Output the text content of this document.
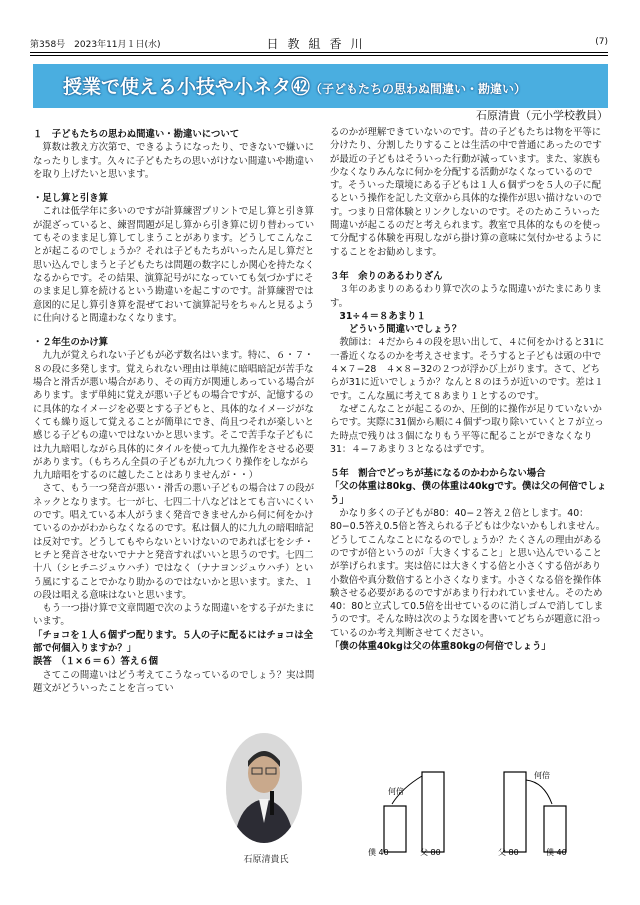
第358号　2023年11月１日(水)	日教組香川	(7)
授業で使える小技や小ネタ㊷（子どもたちの思わぬ間違い・勘違い）
石原清貴（元小学校教員）
１　子どもたちの思わぬ間違い・勘違いについて
算数は教え方次第で、できるようになったり、できないで嫌いになったりします。久々に子どもたちの思いがけない間違いや勘違いを取り上げたいと思います。
・足し算と引き算
これは低学年に多いのですが計算練習プリントで足し算と引き算が混ざっていると、練習問題が足し算から引き算に切り替わっていてもそのまま足し算してしまうことがあります。どうしてこんなことが起こるのでしょうか？それは子どもたちがいったん足し算だと思い込んでしまうと子どもたちは問題の数字にしか関心を持たなくなるからです。その結果、演算記号がになっていても気づかずにそのまま足し算を続けるという勘違いを起こすのです。計算練習では意図的に足し算引き算を混ぜておいて演算記号をちゃんと見るように仕向けると間違わなくなります。
・２年生のかけ算
九九が覚えられない子どもが必ず数名はいます。特に、６・７・８の段に多発します。覚えられない理由は単純に暗唱暗記が苦手な場合と滑舌が悪い場合があり、その両方が関連しあっている場合があります。まず単純に覚えが悪い子どもの場合ですが、記憶するのに具体的なイメージを必要とする子どもと、具体的なイメージがなくても繰り返して覚えることが簡単にでき、尚且つそれが楽しいと感じる子どもの違いではないかと思います。そこで苦手な子どもには九九暗唱しながら具体的にタイルを使って九九操作をさせる必要があります。（もちろん全員の子どもが九九つくり操作をしながら九九暗唱をするのに越したことはありませんが・・）
さて、もう一つ発音が悪い・滑舌の悪い子どもの場合は７の段がネックとなります。七一が七、七四二十八などはとても言いにくいのです。唱えている本人がうまく発音できませんから何に何をかけているのかがわからなくなるのです。私は個人的に九九の暗唱暗記は反対です。どうしてもやらないといけないのであれば七をシチ・ヒチと発音させないでナナと発音すればいいと思うのです。七四二十八（シヒチニジュウハチ）ではなく（ナナヨンジュウハチ）という風にすることでかなり助かるのではないかと思います。また、１の段は唱える意味はないと思います。
もう一つ掛け算で文章問題で次のような間違いをする子がたまにいます。
「チョコを１人６個ずつ配ります。５人の子に配るにはチョコは全部で何個入りますか？」
誤答　（１×６＝６）答え６個
さてこの間違いはどう考えてこうなっているのでしょう？実は問題文がどういったことを言ってい
るのかが理解できていないのです。昔の子どもたちは物を平等に分けたり、分割したりすることは生活の中で普通にあったのですが最近の子どもはそういった行動が減っています。また、家族も少なくなりみんなに何かを分配する活動がなくなっているのです。そういった環境にある子どもは１人６個ずつを５人の子に配るという操作を記した文章から具体的な操作が思い描けないのです。つまり日常体験とリンクしないのです。そのためこういった間違いが起こるのだと考えられます。教室で具体的なものを使って分配する体験を再現しながら掛け算の意味に気付かせるようにすることをお勧めします。
３年　余りのあるわりざん
３年のあまりのあるわり算で次のような間違いがたまにあります。
　31÷４＝８あまり１
　　どういう間違いでしょう？
教師は：４だから４の段を思い出して、４に何をかけると31に一番近くなるのかを考えさせます。そうすると子どもは頭の中で４×７−28　４×８−32の２つが浮かび上がります。さて、どちらが31に近いでしょうか？なんと８のほうが近いのです。差は１です。こんな風に考えて８あまり１とするのです。
なぜこんなことが起こるのか、圧倒的に操作が足りていないからです。実際に31個から順に４個ずつ取り除いていくと７が立った時点で残りは３個になりもう平等に配ることができなくなり31：４−７あまり３となるはずです。
５年　割合でどっちが基になるのかわからない場合
「父の体重は80kg、僕の体重は40kgです。僕は父の何倍でしょう」
かなり多くの子どもが80：40−２答え２倍とします。40：80−0.5答え0.5倍と答えられる子どもは少ないかもしれません。どうしてこんなことになるのでしょうか？たくさんの理由があるのですが倍というのが「大きくすること」と思い込んでいることが挙げられます。実は倍には大きくする倍と小さくする倍があり小数倍や真分数倍すると小さくなります。小さくなる倍を操作体験させる必要があるのですがあまり行われていません。そのため40：80と立式して0.5倍を出せているのに消しゴムで消してしまうのです。そんな時は次のような図を書いてどちらが題意に沿っているのか考え判断させてください。
「僕の体重40kgは父の体重80kgの何倍でしょう」
石原清貴氏
何倍
僕 40	父 80
何倍
父 80	僕 40
